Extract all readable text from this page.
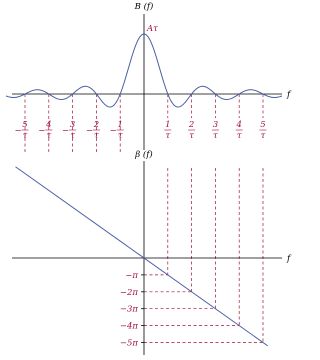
B (f)
f
Aτ
−
5
τ −
4
τ −
3
τ −
2
τ −
1
τ
1
τ
2
τ
3
τ
4
τ
5
τ
β (f)
f
−π
−2π
−3π
−4π
−5π
